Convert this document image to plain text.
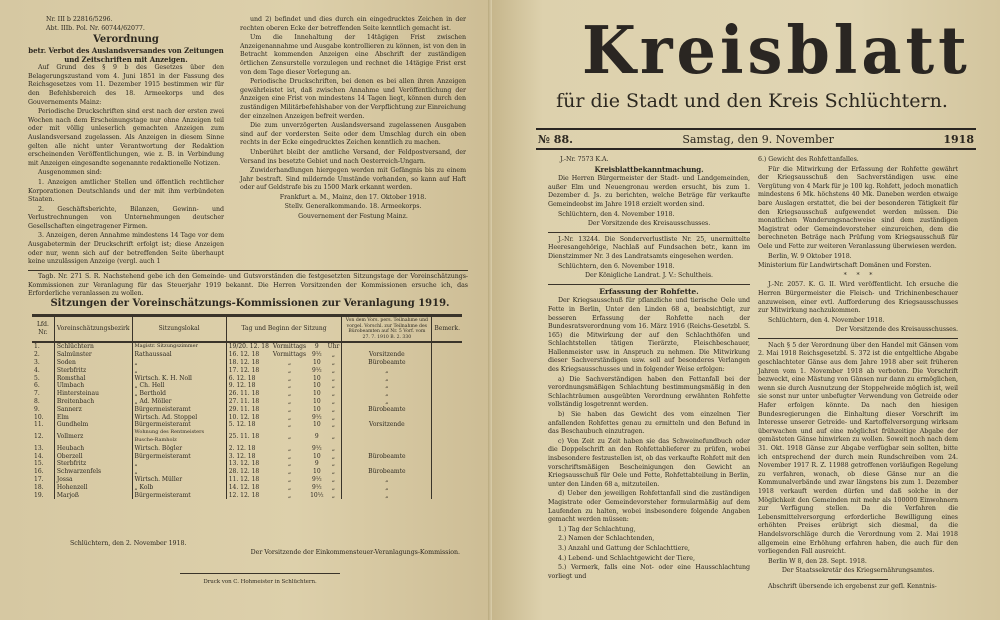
Nr. III b 22816/5296.
Abt. IIIb. Pol. Nr. 60744/62077.
Verordnung
betr. Verbot des Auslandsversandes von Zeitungen und Zeitschriften mit Anzeigen.

Auf Grund des § 9 b des Gesetzes über den Belagerungszustand vom 4. Juni 1851 in der Fassung des Reichsgesetzes vom 11. Dezember 1915 bestimmen wir für den Befehlsbereich des 18. Armeekorps und des Gouvernements Mainz:

Periodische Druckschriften sind erst nach der ersten zwei Wochen nach dem Erscheinungstage nur ohne Anzeigen teil oder mit völlig unleserlich gemachten Anzeigen zum Auslandsversand zugelassen. Als Anzeigen in diesem Sinne gelten alle nicht unter Verantwortung der Redaktion erscheinenden Veröffentlichungen, wie z. B. in Verbindung mit Anzeigen eingesandte sogenannte redaktionelle Notizen.

Ausgenommen sind:

1. Anzeigen amtlicher Stellen und öffentlich rechtlicher Korporationen Deutschlands und der mit ihm verbündeten Staaten.

2. Geschäftsberichte, Bilanzen, Gewinn- und Verlustrechnungen von Unternehmungen deutscher Gesellschaften eingetragener Firmen.

3. Anzeigen, deren Annahme mindestens 14 Tage vor dem Ausgabetermin der Druckschrift erfolgt ist; diese Anzeigen oder nur, wenn sich auf der betreffenden Seite überhaupt keine unzulässigen Anzeige (vergl. auch 1

und 2) befindet und dies durch ein eingedrucktes Zeichen in der rechten oberen Ecke der betreffenden Seite kenntlich gemacht ist.

Um die Innehaltung der 14tägigen Frist zwischen Anzeigenannahme und Ausgabe kontrollieren zu können, ist von den in Betracht kommenden Anzeigen eine Abschrift der zuständigen örtlichen Zensurstelle vorzulegen und rechnet die 14tägige Frist erst von dem Tage dieser Vorlegung an.

Periodische Druckschriften, bei denen es bei allen ihren Anzeigen gewährleistet ist, daß zwischen Annahme und Veröffentlichung der Anzeigen eine Frist von mindestens 14 Tagen liegt, können durch den zuständigen Militärbefehlshaber von der Verpflichtung zur Einreichung der einzelnen Anzeigen befreit werden.

Die zum unverzögerten Auslandsversand zugelassenen Ausgaben sind auf der vordersten Seite oder dem Umschlag durch ein oben rechts in der Ecke eingedrucktes Zeichen kenntlich zu machen.

Unberührt bleibt der amtliche Versand, der Feldpostversand, der Versand ins besetzte Gebiet und nach Oesterreich-Ungarn.

Zuwiderhandlungen hiergegen werden mit Gefängnis bis zu einem Jahr bestraft. Sind mildernde Umstände vorhanden, so kann auf Haft oder auf Geldstrafe bis zu 1500 Mark erkannt werden.

Frankfurt a. M., Mainz, den 17. Oktober 1918.

Stellv. Generalkommando. 18. Armeekorps.

Gouvernement der Festung Mainz.

Tagb. Nr. 271 S. R. Nachstehend gebe ich den Gemeinde- und Gutsvorständen die festgesetzten Sitzungstage der Voreinschätzungs-Kommissionen zur Veranlagung für das Steuerjahr 1919 bekannt. Die Herren Vorsitzenden der Kommissionen ersuche ich, das Erforderliche veranlassen zu wollen.

Sitzungen der Voreinschätzungs-Kommissionen zur Veranlagung 1919.
Lfd. Nr.	Voreinschätzungsbezirk	Sitzungslokal	Tag und Beginn der Sitzung				Von dem Vors. pers. Teilnahme und vorgel. Vorschl. zur Teilnahme des Bürobeamten auf Nr. 5 Vorf. vom 27. 7. 1910 B. 2. 330	Bemerk.
1.	Schlüchtern	Magistr. Sitzungszimmer	19/20. 12. 18	Vormittags	9	Uhr		
2.	Salmünster	Rathaussaal	16. 12. 18	Vormittags	9½	„	Vorsitzende	
3.	Soden	„	18. 12. 18	„	10	„	Bürobeamte	
4.	Sterbfritz	„	17. 12. 18	„	9½	„	„	
5.	Romsthal	Wirtsch. K. H. Noll	6. 12. 18	„	10	„	„	
6.	Ulmbach	„ Ch. Hell	9. 12. 18	„	10	„	„	
7.	Hintersteinau	„ Berthold	26. 11. 18	„	10	„	„	
8.	Breitenbach	„ Ad. Möller	27. 11. 18	„	10	„	„	
9.	Sannerz	Bürgermeisteramt	29. 11. 18	„	10	„	Bürobeamte	
10.	Elm	Wirtsch. Ad. Stoppel	10. 12. 18	„	9½	„		
11.	Gundhelm	Bürgermeisteramt	5. 12. 18	„	10	„	Vorsitzende	
12.	Vollmerz	Wohnung des Rentmeisters Busche-Ramholz	25. 11. 18	„	9	„		
13.	Heubach	Wirtsch. Bögler	2. 12. 18	„	9½	„		
14.	Oberzell	Bürgermeisteramt	3. 12. 18	„	10	„	Bürobeamte	
15.	Sterbfritz	„	13. 12. 18	„	9	„		
16.	Schwarzenfels	„	28. 12. 18	„	10	„	Bürobeamte	
17.	Jossa	Wirtsch. Müller	11. 12. 18	„	9½	„	„	
18.	Hohenzell	„ Kolb	14. 12. 18	„	9½	„	„	
19.	Marjoß	Bürgermeisteramt	12. 12. 18	„	10½	„	„	
Schlüchtern, den 2. November 1918.
Der Vorsitzende der Einkommensteuer-Veranlagungs-Kommission.
Druck von C. Hohmeister in Schlüchtern.
Kreisblatt
für die Stadt und den Kreis Schlüchtern.
№ 88.	Samstag, den 9. November	1918

J.-Nr. 7573 K.A.

Kreisblattbekanntmachung.

Die Herren Bürgermeister der Stadt- und Landgemeinden, außer Elm und Neuengronau werden ersucht, bis zum 1. Dezember d. Js. zu berichten, welche Beträge für verkaufte Gemeindeobst im Jahre 1918 erzielt worden sind.

Schlüchtern, den 4. November 1918.

Der Vorsitzende des Kreisausschusses.

J.-Nr. 13244. Die Sonderverlustliste Nr. 25, unermittelte Heeresangehörige, Nachlaß auf Fundsachen betr., kann im Dienstzimmer Nr. 3 des Landratsamts eingesehen werden.

Schlüchtern, den 6. November 1918.

Der Königliche Landrat. J. V.: Schultheis.

Erfassung der Rohfette.

Der Kriegsausschuß für pflanzliche und tierische Oele und Fette in Berlin, Unter den Linden 68 a, beabsichtigt, zur besseren Erfassung der Rohfette nach der Bundesratsverordnung vom 16. März 1916 (Reichs-Gesetzbl. S. 165) die Mitwirkung der auf den Schlachthöfen und Schlachtstellen tätigen Tierärzte, Fleischbeschauer, Hallenmeister usw. in Anspruch zu nehmen. Die Mitwirkung dieser Sachverständigen usw. soll auf besonderes Verlangen des Kriegsausschusses und in folgender Weise erfolgen:

a) Die Sachverständigen haben den Fettanfall bei der verordnungsmäßigen Schlachtung bestimmungsmäßig in den Schlachträumen ausgeübten Verordnung erwähnten Rohfette vollständig losgetrennt werden.

b) Sie haben das Gewicht des vom einzelnen Tier anfallenden Rohfettes genau zu ermitteln und den Befund in das Beschaubuch einzutragen.

c) Von Zeit zu Zeit haben sie das Schweinefundbuch oder die Doppelschrift an den Rohfettablieferer zu prüfen, wobei insbesondere festzustellen ist, ob das verkaufte Rohfett mit den vorschriftsmäßigen Bescheinigungen den Gewicht an Kriegsausschuß für Oele und Fette, Rohfettabteilung in Berlin, unter den Linden 68 a, mitzuteilen.

d) Ueber den jeweiligen Rohfettanfall sind die zuständigen Magistrate oder Gemeindevorsteher formularmäßig auf dem Laufenden zu halten, wobei insbesondere folgende Angaben gemacht werden müssen:

1.) Tag der Schlachtung,

2.) Namen der Schlachtenden,

3.) Anzahl und Gattung der Schlachttiere,

4.) Lebend- und Schlachtgewicht der Tiere,

5.) Vermerk, falls eine Not- oder eine Hausschlachtung vorliegt und

6.) Gewicht des Rohfettanfalles.

Für die Mitwirkung der Erfassung der Rohfette gewährt der Kriegsausschuß den Sachverständigen usw. eine Vergütung von 4 Mark für je 100 kg. Rohfett, jedoch monatlich mindestens 6 Mk. höchstens 40 Mk. Daneben werden etwaige bare Auslagen erstattet, die bei der besonderen Tätigkeit für den Kriegsausschuß aufgewendet werden müssen. Die monatlichen Wanderungsnachweise sind dem zuständigen Magistrat oder Gemeindevorsteher einzureichen, dem die berechneten Beträge nach Prüfung vom Kriegsausschuß für Oele und Fette zur weiteren Veranlassung überwiesen werden.

Berlin, W. 9 Oktober 1918.

Ministerium für Landwirtschaft Domänen und Forsten.

*     *     *

J.-Nr. 2057. K. G. II. Wird veröffentlicht. Ich ersuche die Herren Bürgermeister die Fleisch- und Trichinenbeschauer anzuweisen, einer evtl. Aufforderung des Kriegsausschusses zur Mitwirkung nachzukommen.

Schlüchtern, den 4. November 1918.

Der Vorsitzende des Kreisausschusses.

Nach § 5 der Verordnung über den Handel mit Gänsen vom 2. Mai 1918 Reichsgesetzbl. S. 372 ist die entgeltliche Abgabe geschlachteter Gänse aus dem Jahre 1918 aber seit früheren Jahren vom 1. November 1918 ab verboten. Die Vorschrift bezweckt, eine Mästung von Gänsen nur dann zu ermöglichen, wenn sie durch Ausnutzung der Stoppelweide möglich ist, weil sie sonst nur unter unbefugter Verwendung von Getreide oder Hafer erfolgen könnte. Da nach den hiesigen Bundesregierungen die Einhaltung dieser Vorschrift im Interesse unserer Getreide- und Kartoffelversorgung wirksam überwachen und auf eine möglichst frühzeitige Abgabe der gemästeten Gänse hinwirken zu wollen. Soweit noch nach dem 31. Okt. 1918 Gänse zur Abgabe verfügbar sein sollten, bitte ich entsprechend der durch mein Rundschreiben vom 24. November 1917 R. Z. 11988 getroffenen vorläufigen Regelung zu verfahren, wonach, ob diese Gänse nur an die Kommunalverbände und zwar längstens bis zum 1. Dezember 1918 verkauft werden dürfen und daß solche in der Möglichkeit den Gemeinden mit mehr als 100000 Einwohnern zur Verfügung stellen. Da die Verfahren die Lebensmittelversorgung erforderliche Bewilligung eines erhöhten Preises erübrigt sich diesmal, da die Handelsvorschläge durch die Verordnung vom 2. Mai 1918 allgemein eine Erhöhung erfahren haben, die auch für den vorliegenden Fall ausreicht.

Berlin W 8, den 28. Sept. 1918.

Der Staatssekretär des Kriegsernährungsamtes.

Abschrift übersende ich ergebenst zur gefl. Kenntnis-
